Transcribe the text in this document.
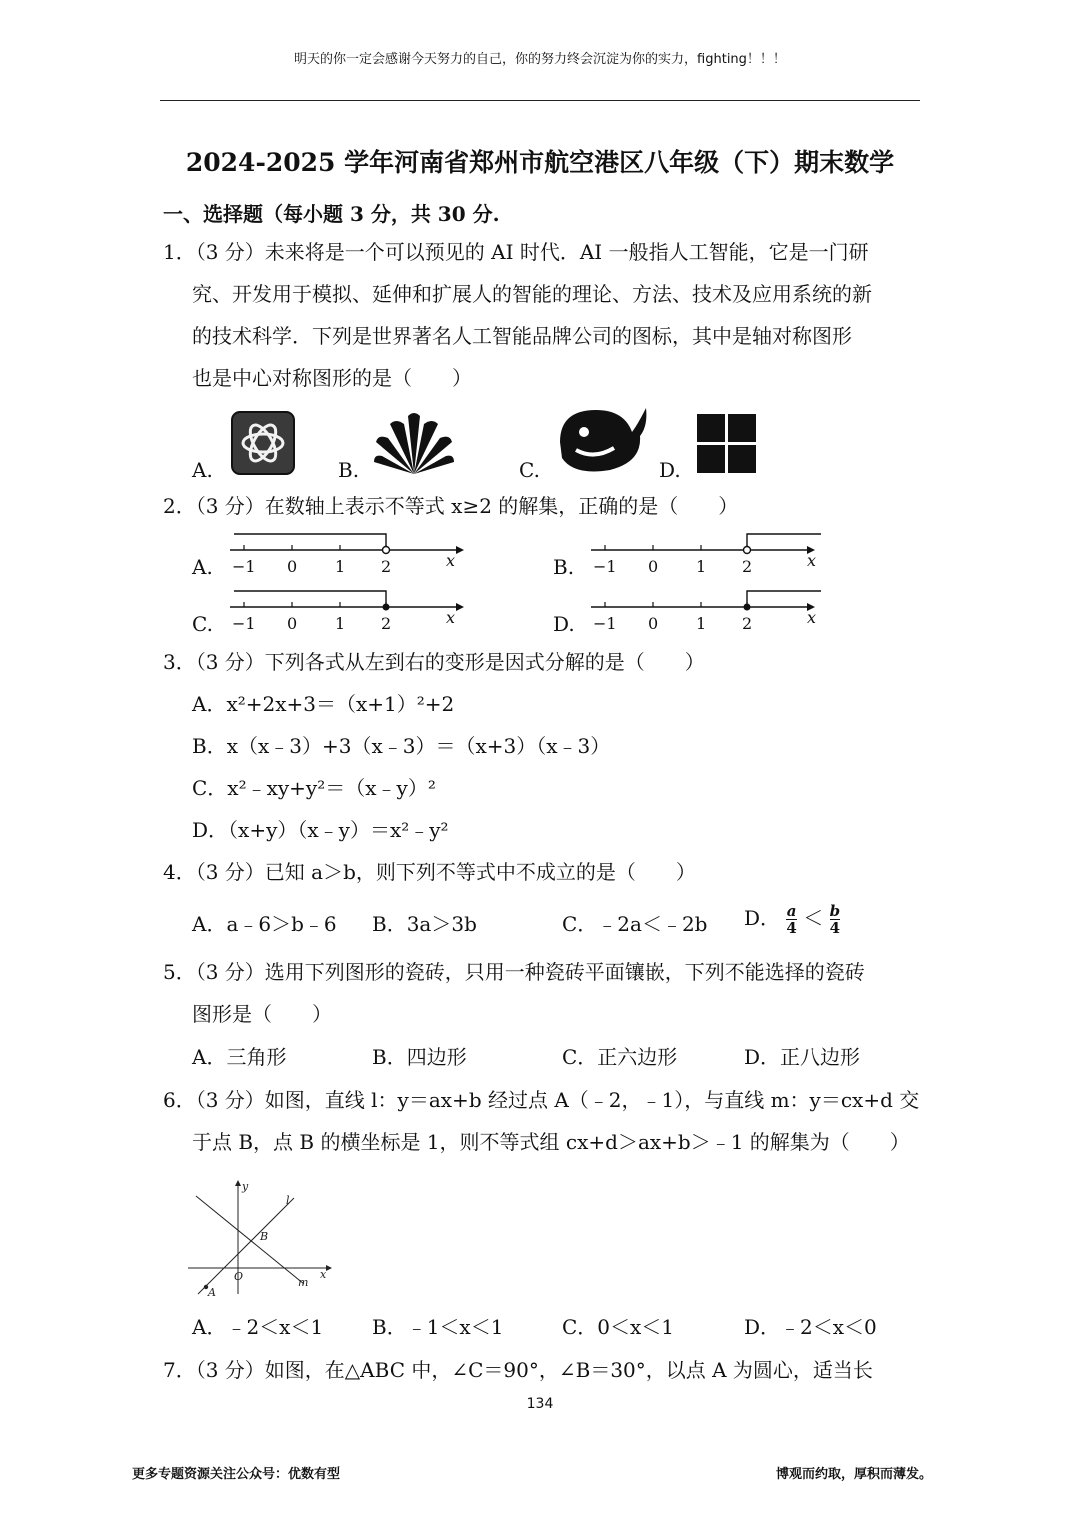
明天的你一定会感谢今天努力的自己，你的努力终会沉淀为你的实力，fighting！！！
2024-2025 学年河南省郑州市航空港区八年级（下）期末数学
一、选择题（每小题 3 分，共 30 分.
1．（3 分）未来将是一个可以预见的 AI 时代．AI 一般指人工智能，它是一门研
究、开发用于模拟、延伸和扩展人的智能的理论、方法、技术及应用系统的新
的技术科学．下列是世界著名人工智能品牌公司的图标，其中是轴对称图形
也是中心对称图形的是（　　）
A.	B.	C.	D.
2．（3 分）在数轴上表示不等式 x≥2 的解集，正确的是（　　）
A. −1 0 1 2	x	B. −1 0 1 2	x
C. −1 0 1 2	x	D. −1 0 1 2	x
3．（3 分）下列各式从左到右的变形是因式分解的是（　　）
A．x²+2x+3＝（x+1）²+2
B．x（x﹣3）+3（x﹣3）＝（x+3）（x﹣3）
C．x²﹣xy+y²＝（x﹣y）²
D．（x+y）（x﹣y）＝x²﹣y²
4．（3 分）已知 a＞b，则下列不等式中不成立的是（　　）
A．a﹣6＞b﹣6 B．3a＞3b	C．﹣2a＜﹣2b D． $\frac{a}{4} < \frac{b}{4}$
5．（3 分）选用下列图形的瓷砖，只用一种瓷砖平面镶嵌，下列不能选择的瓷砖
图形是（　　）
A．三角形	B．四边形	C．正六边形	D．正八边形
6．（3 分）如图，直线 l：y＝ax+b 经过点 A（﹣2，﹣1），与直线 m：y＝cx+d 交
于点 B，点 B 的横坐标是 1，则不等式组 cx+d＞ax+b＞﹣1 的解集为（　　）
y
x
l
m
B
O
A
A．﹣2＜x＜1 B．﹣1＜x＜1	C．0＜x＜1	D．﹣2＜x＜0
7．（3 分）如图，在△ABC 中，∠C＝90°，∠B＝30°，以点 A 为圆心，适当长
134
更多专题资源关注公众号：优数有型	博观而约取，厚积而薄发。
